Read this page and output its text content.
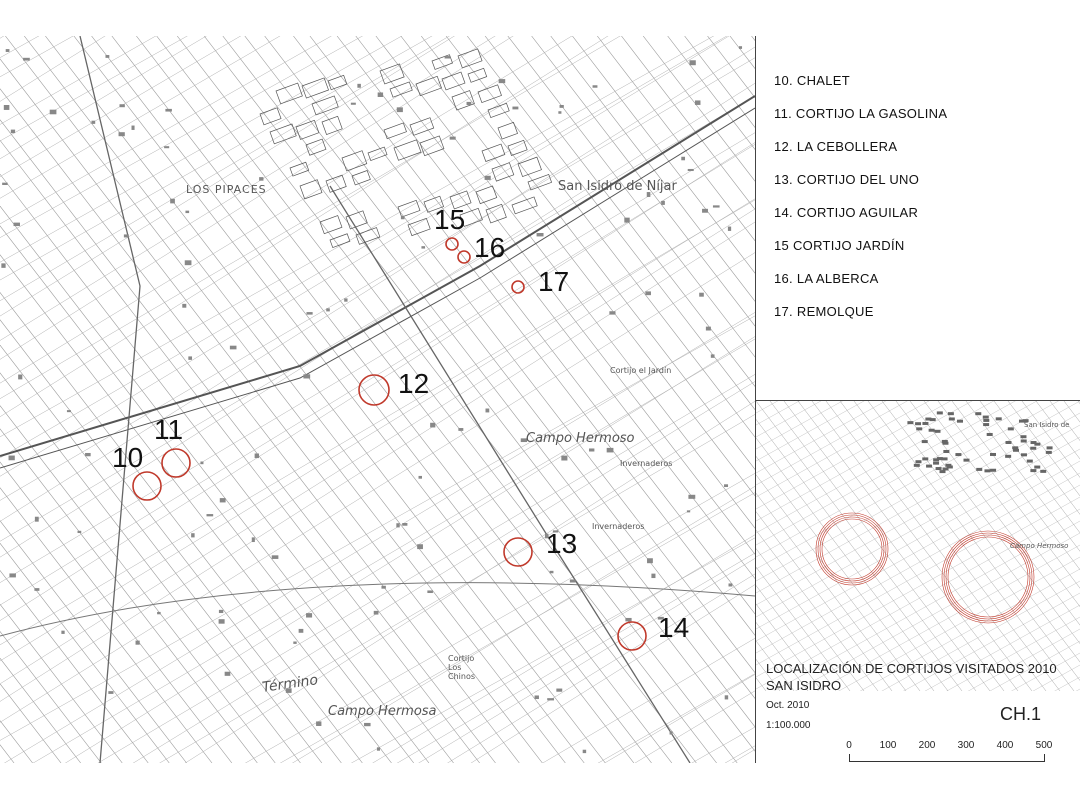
San Isidro de Níjar
LOS PIPACES
Campo Hermoso
Campo Hermosa
Término
Invernaderos
Invernaderos
Cortijo el Jardín
Cortijo Los Chinos
10
11
12
13
14
15
16
17
10. CHALET
11. CORTIJO LA GASOLINA
12. LA CEBOLLERA
13. CORTIJO DEL UNO
14. CORTIJO AGUILAR
15 CORTIJO JARDÍN
16. LA ALBERCA
17. REMOLQUE
San Isidro de
Campo Hermoso
LOCALIZACIÓN DE CORTIJOS VISITADOS 2010 SAN ISIDRO
Oct. 2010
1:100.000
CH.1
0	100 200 300 400 500
